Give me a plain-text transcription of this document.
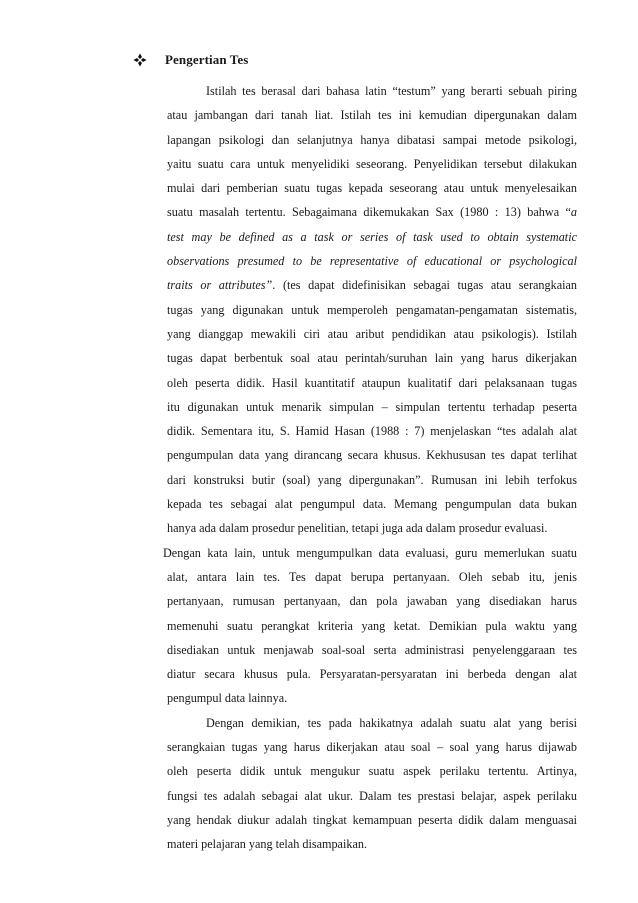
Pengertian Tes
Istilah tes berasal dari bahasa latin “testum” yang berarti sebuah piring
atau jambangan dari tanah liat. Istilah tes ini kemudian dipergunakan dalam
lapangan psikologi dan selanjutnya hanya dibatasi sampai metode psikologi,
yaitu suatu cara untuk menyelidiki seseorang. Penyelidikan tersebut dilakukan
mulai dari pemberian suatu tugas kepada seseorang atau untuk menyelesaikan
suatu masalah tertentu. Sebagaimana dikemukakan Sax (1980 : 13) bahwa “a
test may be defined as a task or series of task used to obtain systematic
observations presumed to be representative of educational or psychological
traits or attributes”. (tes dapat didefinisikan sebagai tugas atau serangkaian
tugas yang digunakan untuk memperoleh pengamatan-pengamatan sistematis,
yang dianggap mewakili ciri atau aribut pendidikan atau psikologis). Istilah
tugas dapat berbentuk soal atau perintah/suruhan lain yang harus dikerjakan
oleh peserta didik. Hasil kuantitatif ataupun kualitatif dari pelaksanaan tugas
itu digunakan untuk menarik simpulan – simpulan tertentu terhadap peserta
didik. Sementara itu, S. Hamid Hasan (1988 : 7) menjelaskan “tes adalah alat
pengumpulan data yang dirancang secara khusus. Kekhususan tes dapat terlihat
dari konstruksi butir (soal) yang dipergunakan”. Rumusan ini lebih terfokus
kepada tes sebagai alat pengumpul data. Memang pengumpulan data bukan
hanya ada dalam prosedur penelitian, tetapi juga ada dalam prosedur evaluasi.
Dengan kata lain, untuk mengumpulkan data evaluasi, guru memerlukan suatu
alat, antara lain tes. Tes dapat berupa pertanyaan. Oleh sebab itu, jenis
pertanyaan, rumusan pertanyaan, dan pola jawaban yang disediakan harus
memenuhi suatu perangkat kriteria yang ketat. Demikian pula waktu yang
disediakan untuk menjawab soal-soal serta administrasi penyelenggaraan tes
diatur secara khusus pula. Persyaratan-persyaratan ini berbeda dengan alat
pengumpul data lainnya.
Dengan demikian, tes pada hakikatnya adalah suatu alat yang berisi
serangkaian tugas yang harus dikerjakan atau soal – soal yang harus dijawab
oleh peserta didik untuk mengukur suatu aspek perilaku tertentu. Artinya,
fungsi tes adalah sebagai alat ukur. Dalam tes prestasi belajar, aspek perilaku
yang hendak diukur adalah tingkat kemampuan peserta didik dalam menguasai
materi pelajaran yang telah disampaikan.
